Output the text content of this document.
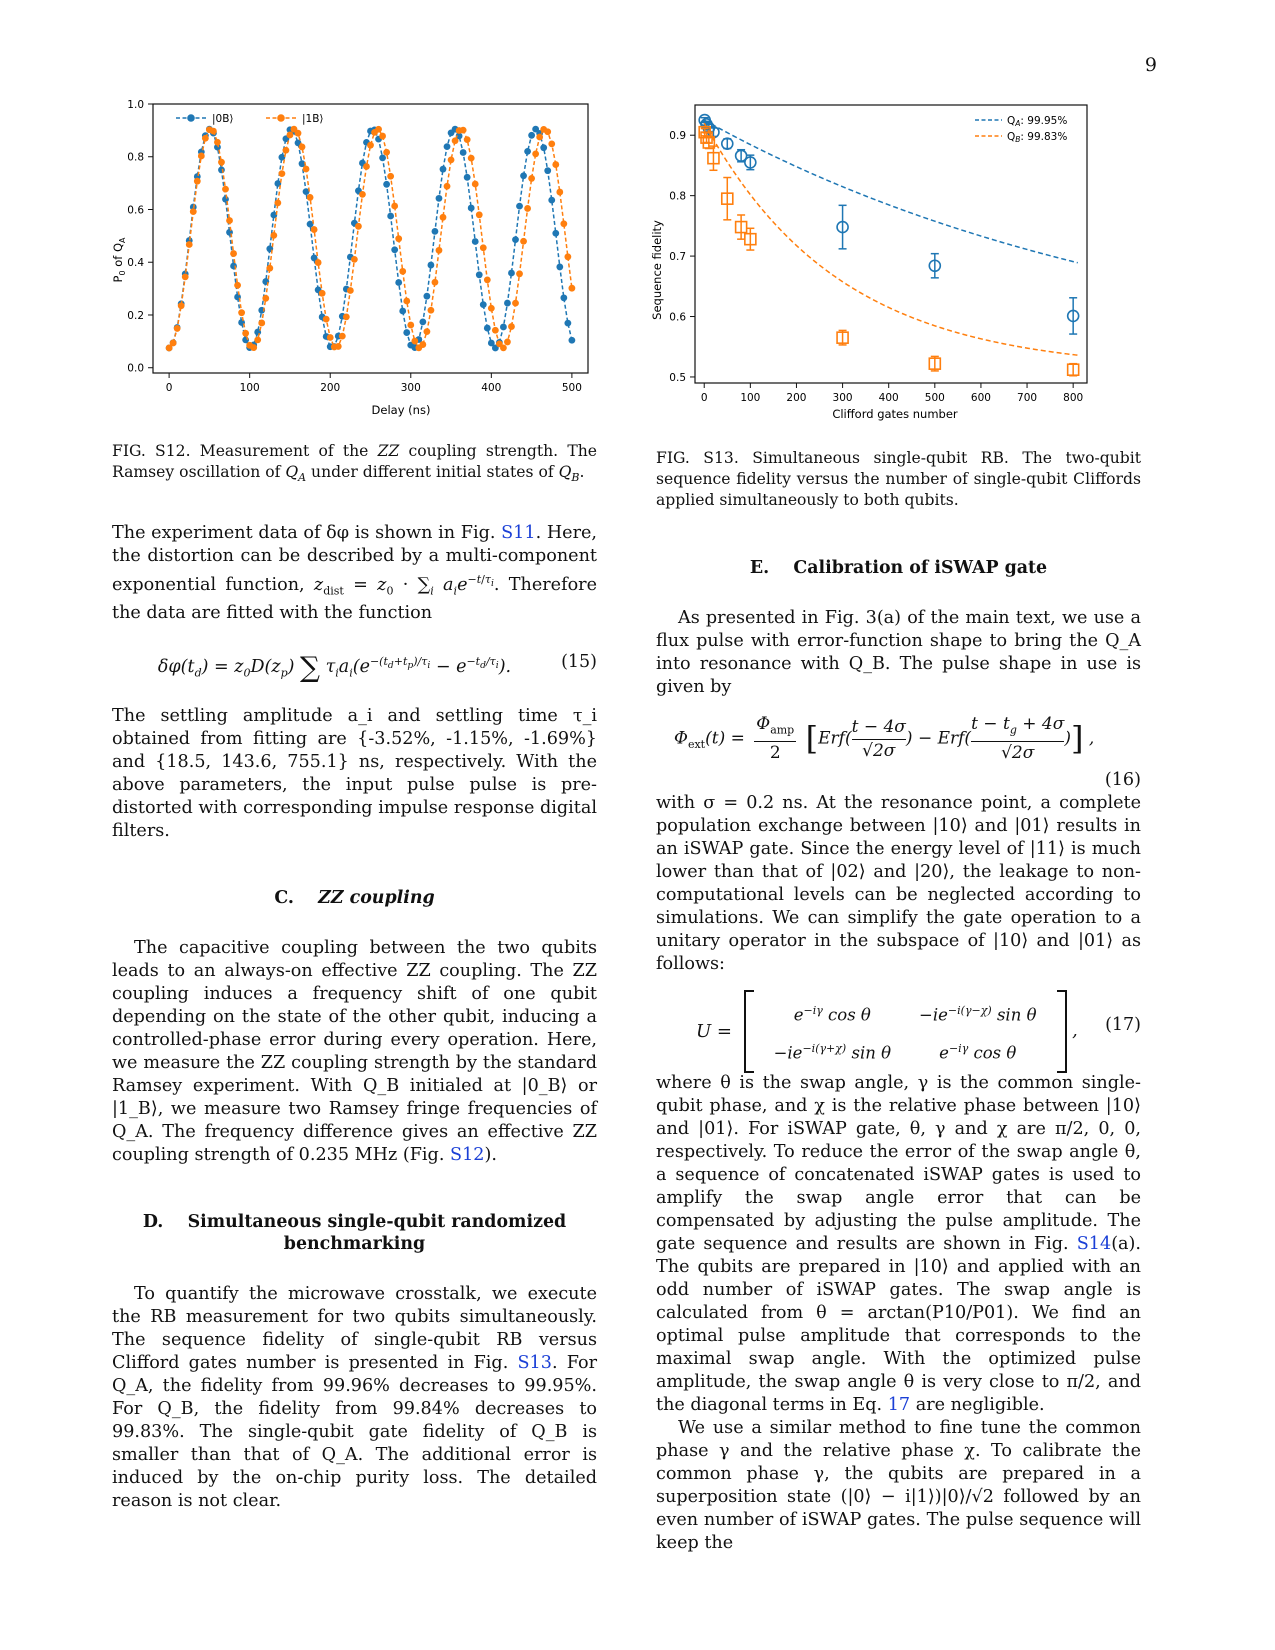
9
0	100	200	300	400	500
0.0
0.2
0.4
0.6
0.8
1.0
|0B⟩	|1B⟩
Delay (ns)
$P_0$ of $Q_A$
0	100 200 300 400 500 600 700 800
0.5
0.6
0.7
0.8
0.9
QA: 99.95%
QB: 99.83%
Clifford gates number
Sequence fidelity

FIG. S12. Measurement of the ZZ coupling strength. The Ramsey oscillation of $Q_A$ under different initial states of $Q_B$.

The experiment data of δφ is shown in Fig. S11. Here, the distortion can be described by a multi-component exponential function, $z_{dist} = z_0 \cdot \sum_i$ $a_ie^{-t/\tau_i}$. Therefore the data are fitted with the function

$\delta\varphi(t_d) = z_0D(z_p)$ ∑ $\tau_ia_i(e^{-(t_d+t_p)/\tau_i} - e^{-t_d/\tau_i})$.	(15)

The settling amplitude a_i and settling time τ_i obtained from fitting are {-3.52%, -1.15%, -1.69%} and {18.5, 143.6, 755.1} ns, respectively. With the above parameters, the input pulse pulse is pre-distorted with corresponding impulse response digital filters.

C. ZZ coupling

The capacitive coupling between the two qubits leads to an always-on effective ZZ coupling. The ZZ coupling induces a frequency shift of one qubit depending on the state of the other qubit, inducing a controlled-phase error during every operation. Here, we measure the ZZ coupling strength by the standard Ramsey experiment. With Q_B initialed at |0_B⟩ or |1_B⟩, we measure two Ramsey fringe frequencies of Q_A. The frequency difference gives an effective ZZ coupling strength of 0.235 MHz (Fig. S12).

D. Simultaneous single-qubit randomized benchmarking

To quantify the microwave crosstalk, we execute the RB measurement for two qubits simultaneously. The sequence fidelity of single-qubit RB versus Clifford gates number is presented in Fig. S13. For Q_A, the fidelity from 99.96% decreases to 99.95%. For Q_B, the fidelity from 99.84% decreases to 99.83%. The single-qubit gate fidelity of Q_B is smaller than that of Q_A. The additional error is induced by the on-chip purity loss. The detailed reason is not clear.

FIG. S13. Simultaneous single-qubit RB. The two-qubit sequence fidelity versus the number of single-qubit Cliffords applied simultaneously to both qubits.

E. Calibration of iSWAP gate

As presented in Fig. 3(a) of the main text, we use a flux pulse with error-function shape to bring the Q_A into resonance with Q_B. The pulse shape in use is given by

$\Phi_{ext}(t)$ =
$\Phi_{amp}$
2 [$Erf( \frac{t - 4\sigma}{√2\sigma}$ ) − $Erf( \frac{t - t_g + 4\sigma}{√2\sigma}$ )] ,
(16)

with σ = 0.2 ns. At the resonance point, a complete population exchange between |10⟩ and |01⟩ results in an iSWAP gate. Since the energy level of |11⟩ is much lower than that of |02⟩ and |20⟩, the leakage to non-computational levels can be neglected according to simulations. We can simplify the gate operation to a unitary operator in the subspace of |10⟩ and |01⟩ as follows:

U =
$e^{-i\gamma}$ cos θ	$-ie^{-i(\gamma-\chi)}$ sin θ
$-ie^{-i(\gamma+\chi)}$ sin θ	$e^{-i\gamma}$ cos θ
, (17)

where θ is the swap angle, γ is the common single-qubit phase, and χ is the relative phase between |10⟩ and |01⟩. For iSWAP gate, θ, γ and χ are π/2, 0, 0, respectively. To reduce the error of the swap angle θ, a sequence of concatenated iSWAP gates is used to amplify the swap angle error that can be compensated by adjusting the pulse amplitude. The gate sequence and results are shown in Fig. S14(a). The qubits are prepared in |10⟩ and applied with an odd number of iSWAP gates. The swap angle is calculated from θ = arctan(P10/P01). We find an optimal pulse amplitude that corresponds to the maximal swap angle. With the optimized pulse amplitude, the swap angle θ is very close to π/2, and the diagonal terms in Eq. 17 are negligible.

We use a similar method to fine tune the common phase γ and the relative phase χ. To calibrate the common phase γ, the qubits are prepared in a superposition state (|0⟩ − i|1⟩)|0⟩/√2 followed by an even number of iSWAP gates. The pulse sequence will keep the
